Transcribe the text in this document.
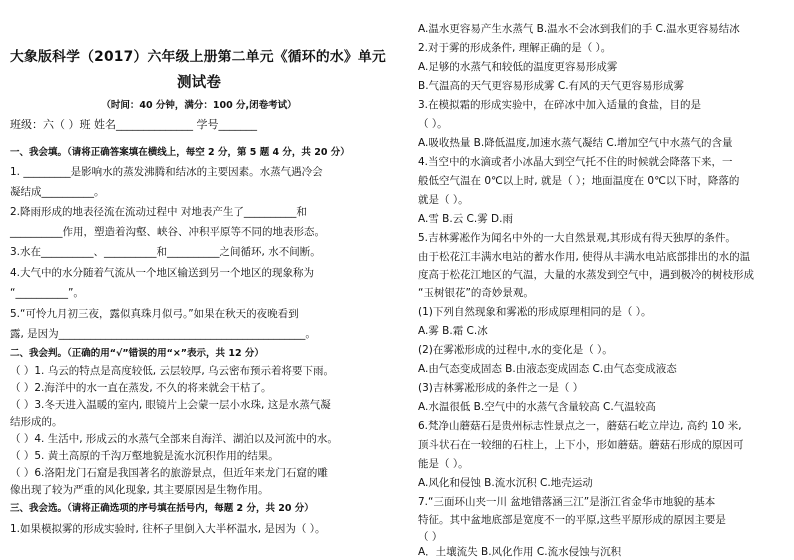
大象版科学（2017）六年级上册第二单元《循环的水》单元
测试卷
（时间：40 分钟，满分：100 分,闭卷考试）
班级：六（ ）班 姓名______________ 学号_______
一、我会填。（请将正确答案填在横线上，每空 2 分，第 5 题 4 分，共 20 分）
1. _________是影响水的蒸发沸腾和结冰的主要因素。水蒸气遇冷会
凝结成__________。
2.降雨形成的地表径流在流动过程中 对地表产生了__________和
__________作用，塑造着沟壑、峡谷、冲积平原等不同的地表形态。
3.水在__________、__________和__________之间循环, 水不间断。
4.大气中的水分随着气流从一个地区输送到另一个地区的现象称为
“__________”。
5.“可怜九月初三夜，露似真珠月似弓。”如果在秋天的夜晚看到
露, 是因为_______________________________________________。
二、我会判。（正确的用“√”错误的用“×”表示，共 12 分）
（ ）1. 乌云的特点是高度较低, 云层较厚, 乌云密布预示着将要下雨。
（ ）2.海洋中的水一直在蒸发, 不久的将来就会干枯了。
（ ）3.冬天进入温暖的室内, 眼镜片上会蒙一层小水珠, 这是水蒸气凝
结形成的。
（ ）4. 生活中, 形成云的水蒸气全部来自海洋、湖泊以及河流中的水。
（ ）5. 黄土高原的千沟万壑地貌是流水沉积作用的结果。
（ ）6.洛阳龙门石窟是我国著名的旅游景点，但近年来龙门石窟的雕
像出现了较为严重的风化现象, 其主要原因是生物作用。
三、我会选。（请将正确选项的序号填在括号内，每题 2 分，共 20 分）
1.如果模拟雾的形成实验时, 往杯子里倒入大半杯温水, 是因为（ ）。
A.温水更容易产生水蒸气 B.温水不会冰到我们的手 C.温水更容易结冰
2.对于雾的形成条件, 理解正确的是（ ）。
A.足够的水蒸气和较低的温度更容易形成雾
B.气温高的天气更容易形成雾 C.有风的天气更容易形成雾
3.在模拟霜的形成实验中，在碎冰中加入适量的食盐，目的是
（ ）。
A.吸收热量 B.降低温度,加速水蒸气凝结 C.增加空气中水蒸气的含量
4.当空中的水滴或者小冰晶大到空气托不住的时候就会降落下来，一
般低空气温在 0℃以上时, 就是（ ）；地面温度在 0℃以下时，降落的
就是（ ）。
A.雪 B.云 C.雾 D.雨
5.吉林雾凇作为闻名中外的一大自然景观,其形成有得天独厚的条件。
由于松花江丰满水电站的蓄水作用, 使得从丰满水电站底部排出的水的温
度高于松花江地区的气温，大量的水蒸发到空气中，遇到极冷的树枝形成
“玉树银花”的奇妙景观。
(1)下列自然现象和雾凇的形成原理相同的是（ ）。
A.雾 B.霜 C.冰
(2)在雾凇形成的过程中,水的变化是（ ）。
A.由气态变成固态 B.由液态变成固态 C.由气态变成液态
(3)吉林雾凇形成的条件之一是（ ）
A.水温很低 B.空气中的水蒸气含量较高 C.气温较高
6.梵净山蘑菇石是贵州标志性景点之一，蘑菇石屹立岸边, 高约 10 米,
顶斗状石在一较细的石柱上，上下小，形如蘑菇。蘑菇石形成的原因可
能是（ ）。
A.风化和侵蚀 B.流水沉积 C.地壳运动
7.“三面环山夹一川 盆地错落涵三江”是浙江省金华市地貌的基本
特征。其中盆地底部是宽度不一的平原,这些平原形成的原因主要是
（ ）
A．土壤流失 B.风化作用 C.流水侵蚀与沉积
